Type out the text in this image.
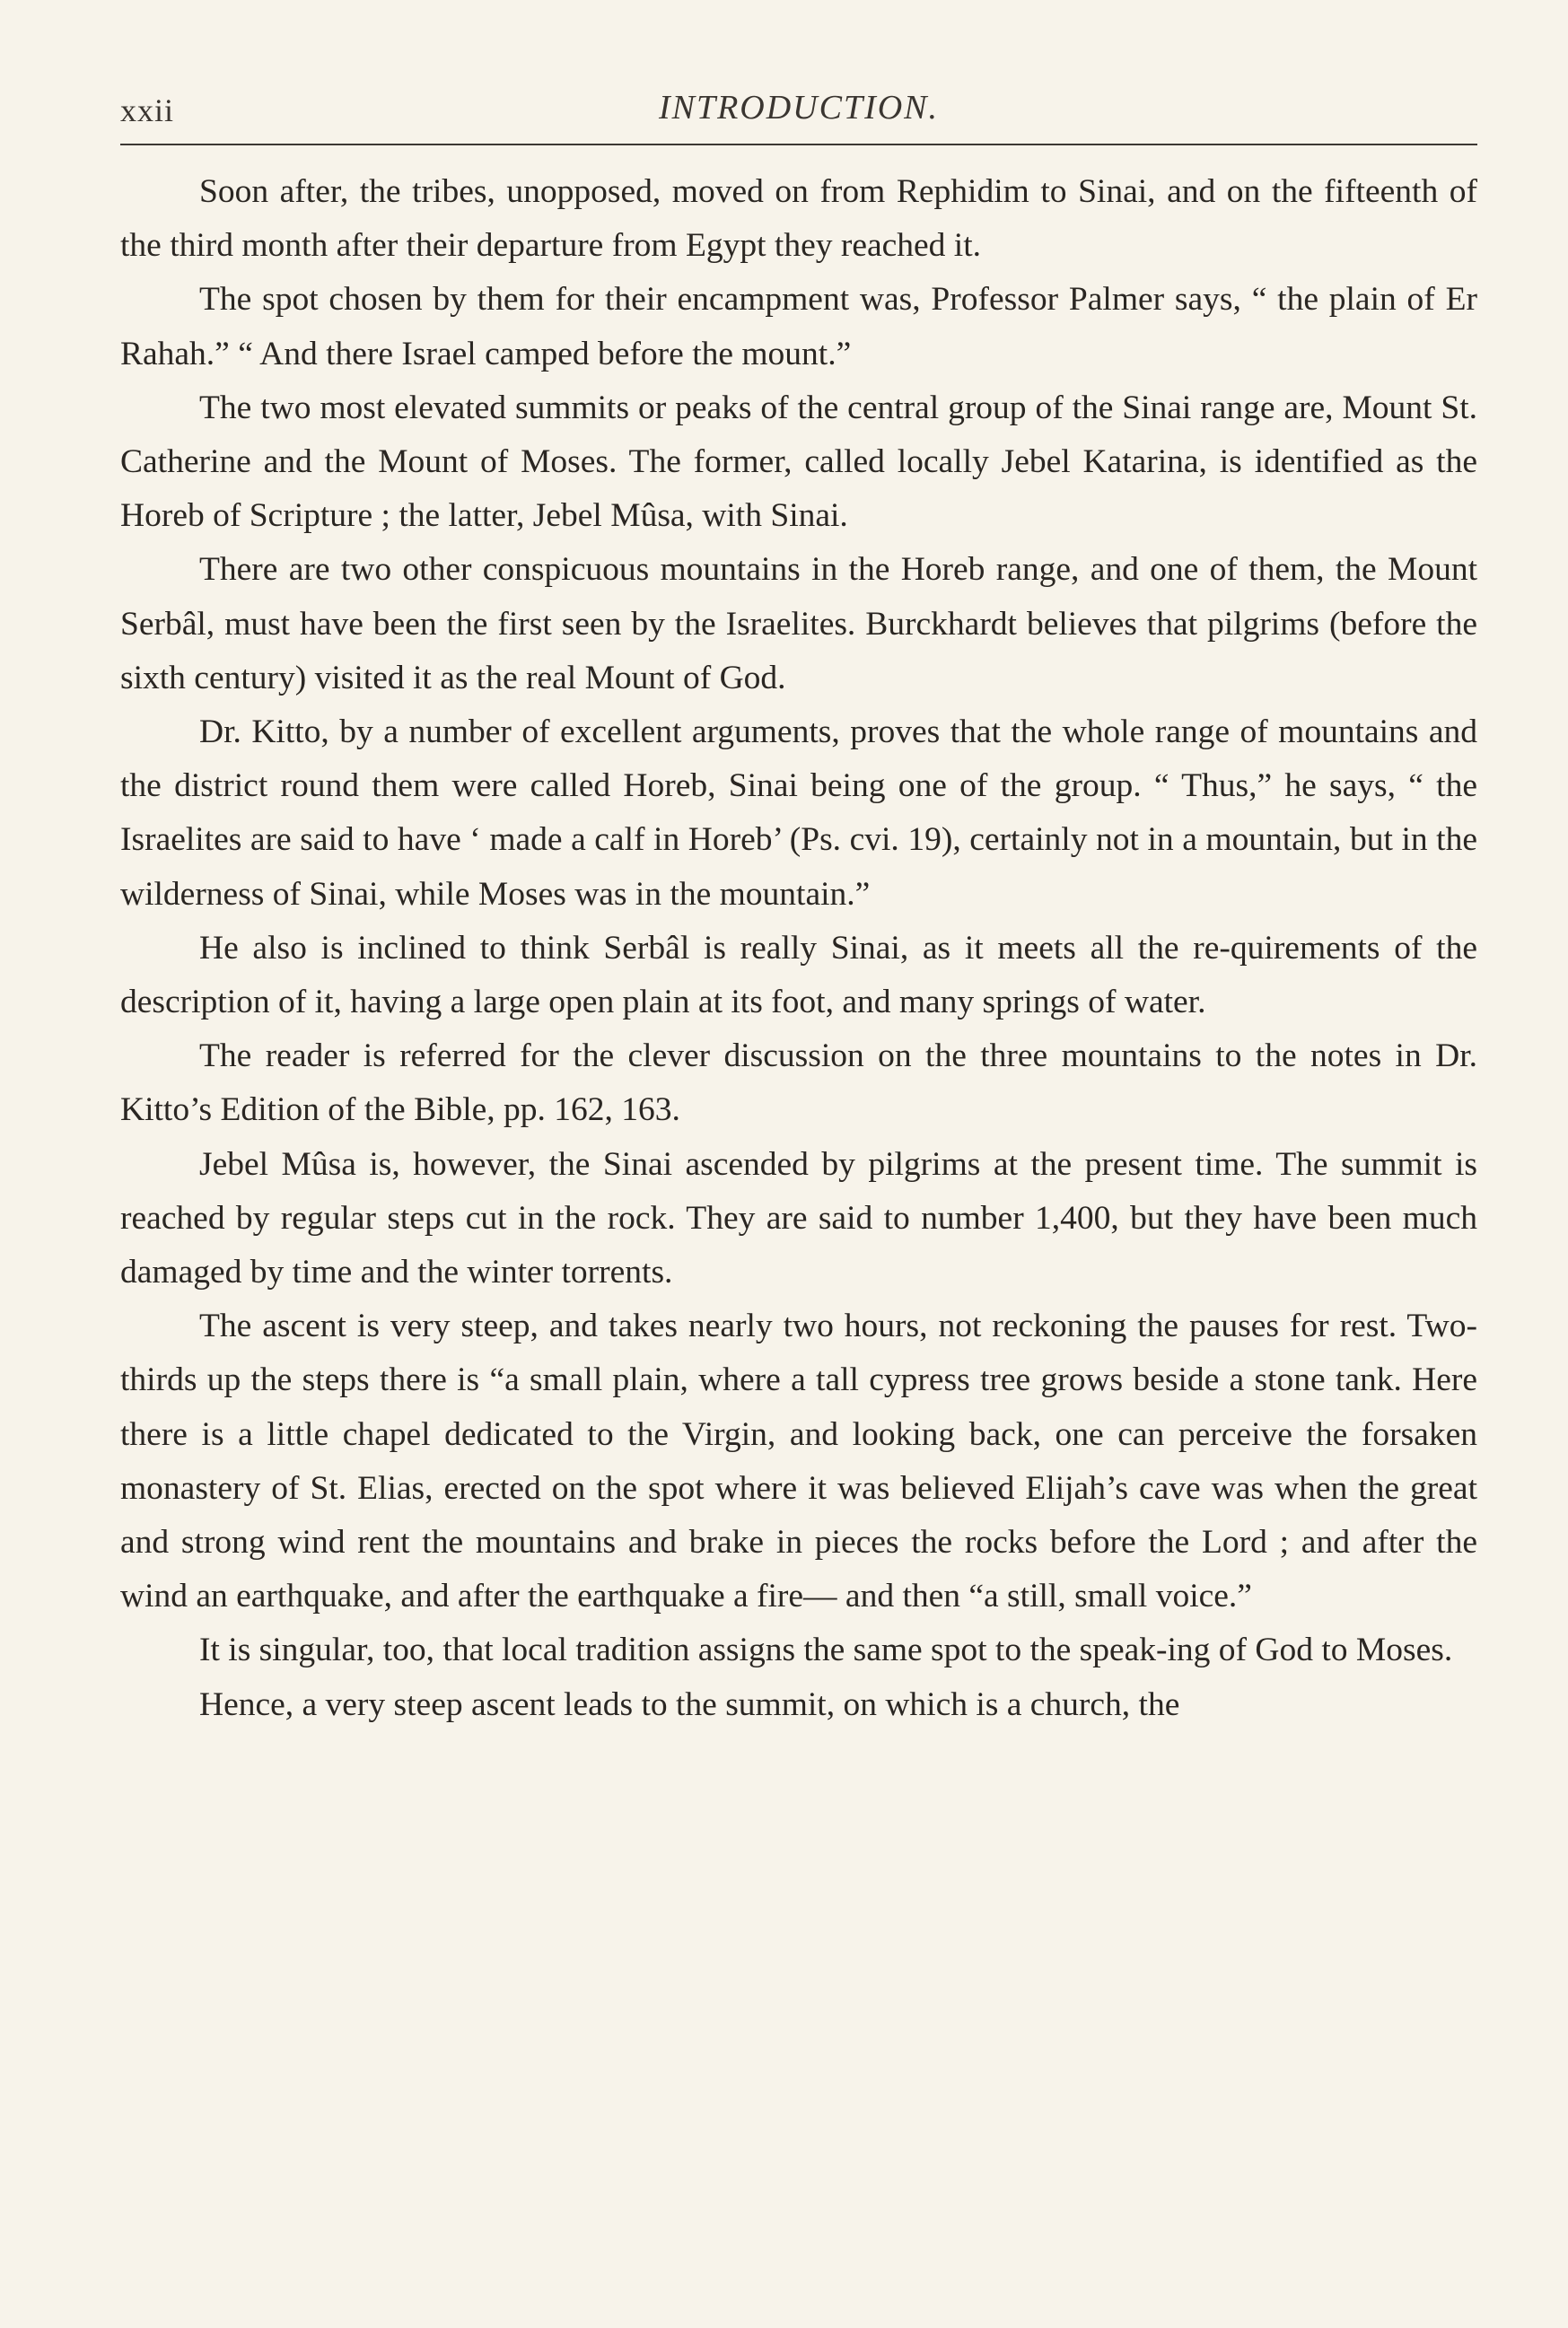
xxii	INTRODUCTION.

Soon after, the tribes, unopposed, moved on from Rephidim to Sinai, and on the fifteenth of the third month after their departure from Egypt they reached it.

The spot chosen by them for their encampment was, Professor Palmer says, “ the plain of Er Rahah.” “ And there Israel camped before the mount.”

The two most elevated summits or peaks of the central group of the Sinai range are, Mount St. Catherine and the Mount of Moses. The former, called locally Jebel Katarina, is identified as the Horeb of Scripture ; the latter, Jebel Mûsa, with Sinai.

There are two other conspicuous mountains in the Horeb range, and one of them, the Mount Serbâl, must have been the first seen by the Israelites. Burckhardt believes that pilgrims (before the sixth century) visited it as the real Mount of God.

Dr. Kitto, by a number of excellent arguments, proves that the whole range of mountains and the district round them were called Horeb, Sinai being one of the group. “ Thus,” he says, “ the Israelites are said to have ‘ made a calf in Horeb’ (Ps. cvi. 19), certainly not in a mountain, but in the wilderness of Sinai, while Moses was in the mountain.”

He also is inclined to think Serbâl is really Sinai, as it meets all the re-quirements of the description of it, having a large open plain at its foot, and many springs of water.

The reader is referred for the clever discussion on the three mountains to the notes in Dr. Kitto’s Edition of the Bible, pp. 162, 163.

Jebel Mûsa is, however, the Sinai ascended by pilgrims at the present time. The summit is reached by regular steps cut in the rock. They are said to number 1,400, but they have been much damaged by time and the winter torrents.

The ascent is very steep, and takes nearly two hours, not reckoning the pauses for rest. Two-thirds up the steps there is “a small plain, where a tall cypress tree grows beside a stone tank. Here there is a little chapel dedicated to the Virgin, and looking back, one can perceive the forsaken monastery of St. Elias, erected on the spot where it was believed Elijah’s cave was when the great and strong wind rent the mountains and brake in pieces the rocks before the Lord ; and after the wind an earthquake, and after the earthquake a fire— and then “a still, small voice.”

It is singular, too, that local tradition assigns the same spot to the speak-ing of God to Moses.

Hence, a very steep ascent leads to the summit, on which is a church, the
